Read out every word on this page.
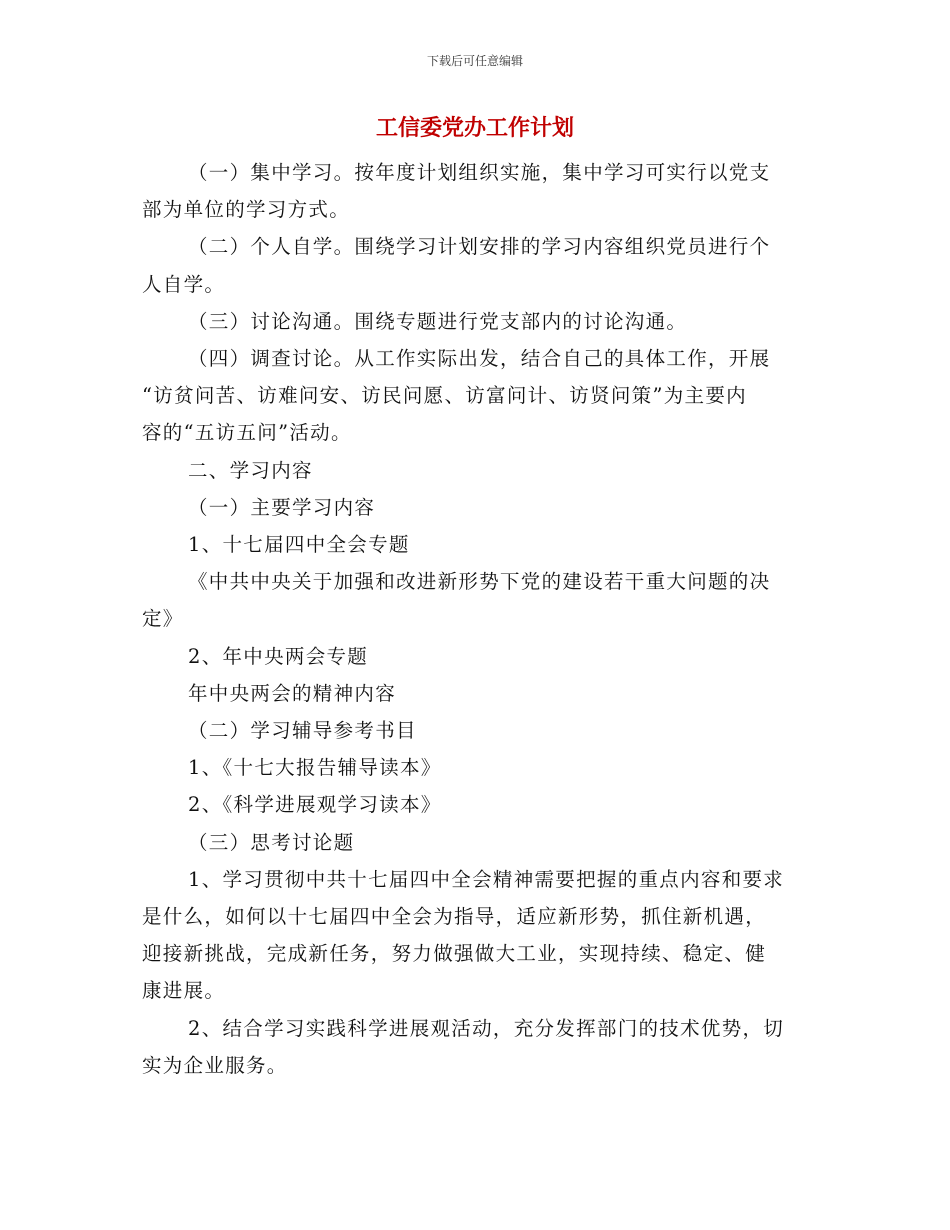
下载后可任意编辑
工信委党办工作计划
（一）集中学习。按年度计划组织实施，集中学习可实行以党支
部为单位的学习方式。
（二）个人自学。围绕学习计划安排的学习内容组织党员进行个
人自学。
（三）讨论沟通。围绕专题进行党支部内的讨论沟通。
（四）调查讨论。从工作实际出发，结合自己的具体工作，开展
“访贫问苦、访难问安、访民问愿、访富问计、访贤问策”为主要内
容的“五访五问”活动。
二、学习内容
（一）主要学习内容
1、十七届四中全会专题
《中共中央关于加强和改进新形势下党的建设若干重大问题的决
定》
2、年中央两会专题
年中央两会的精神内容
（二）学习辅导参考书目
1、《十七大报告辅导读本》
2、《科学进展观学习读本》
（三）思考讨论题
1、学习贯彻中共十七届四中全会精神需要把握的重点内容和要求
是什么，如何以十七届四中全会为指导，适应新形势，抓住新机遇，
迎接新挑战，完成新任务，努力做强做大工业，实现持续、稳定、健
康进展。
2、结合学习实践科学进展观活动，充分发挥部门的技术优势，切
实为企业服务。
